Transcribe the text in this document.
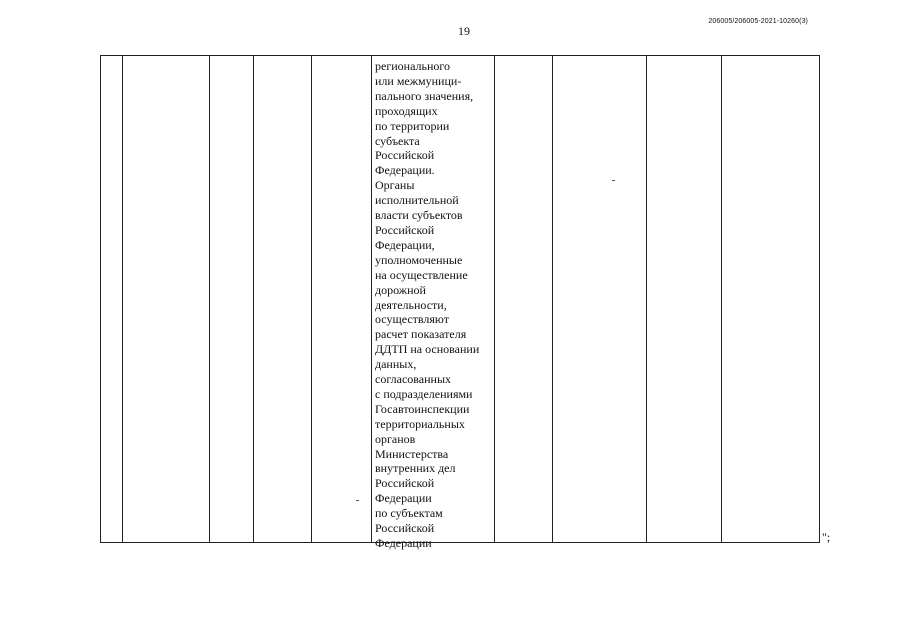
19
206005/206005-2021-10260(3)
регионального
или межмуници-
пального значения,
проходящих
по территории
субъекта
Российской
Федерации.
Органы
исполнительной
власти субъектов
Российской
Федерации,
уполномоченные
на осуществление
дорожной
деятельности,
осуществляют
расчет показателя
ДДТП на основании
данных,
согласованных
с подразделениями
Госавтоинспекции
территориальных
органов
Министерства
внутренних дел
Российской
Федерации
по субъектам
Российской
Федерации	";
